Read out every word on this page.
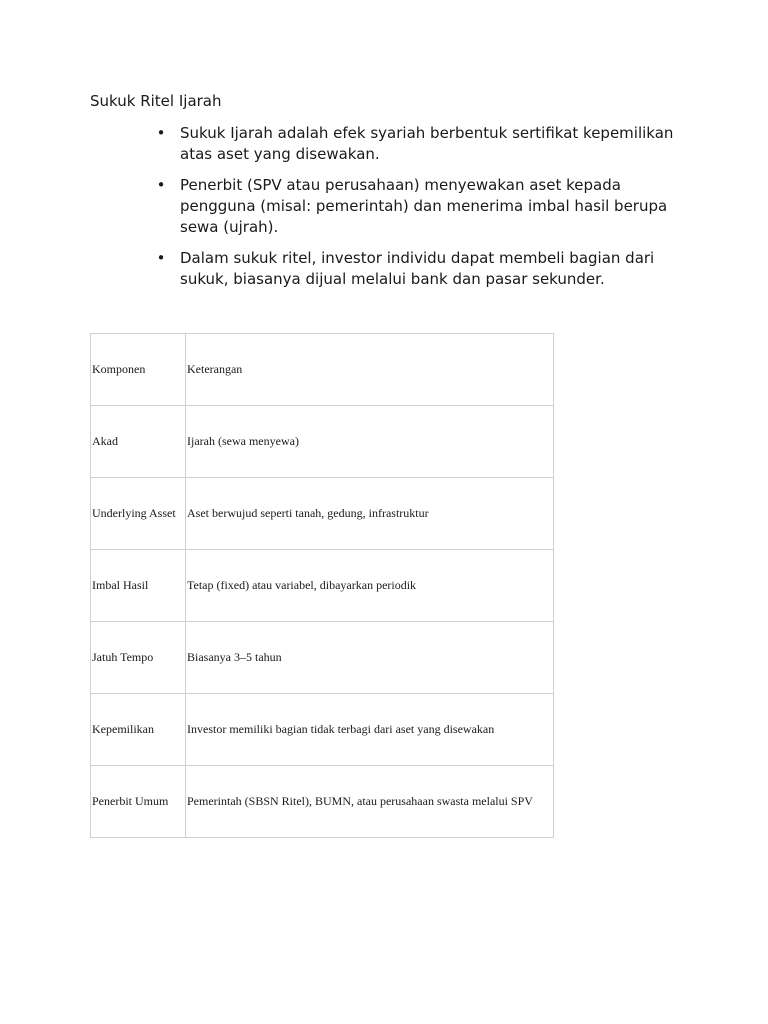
Sukuk Ritel Ijarah
• Sukuk Ijarah adalah efek syariah berbentuk sertifikat kepemilikan atas aset yang disewakan.
• Penerbit (SPV atau perusahaan) menyewakan aset kepada pengguna (misal: pemerintah) dan menerima imbal hasil berupa sewa (ujrah).
• Dalam sukuk ritel, investor individu dapat membeli bagian dari sukuk, biasanya dijual melalui bank dan pasar sekunder.
Komponen	Keterangan
Akad	Ijarah (sewa menyewa)
Underlying Asset	Aset berwujud seperti tanah, gedung, infrastruktur
Imbal Hasil	Tetap (fixed) atau variabel, dibayarkan periodik
Jatuh Tempo	Biasanya 3–5 tahun
Kepemilikan	Investor memiliki bagian tidak terbagi dari aset yang disewakan
Penerbit Umum	Pemerintah (SBSN Ritel), BUMN, atau perusahaan swasta melalui SPV
